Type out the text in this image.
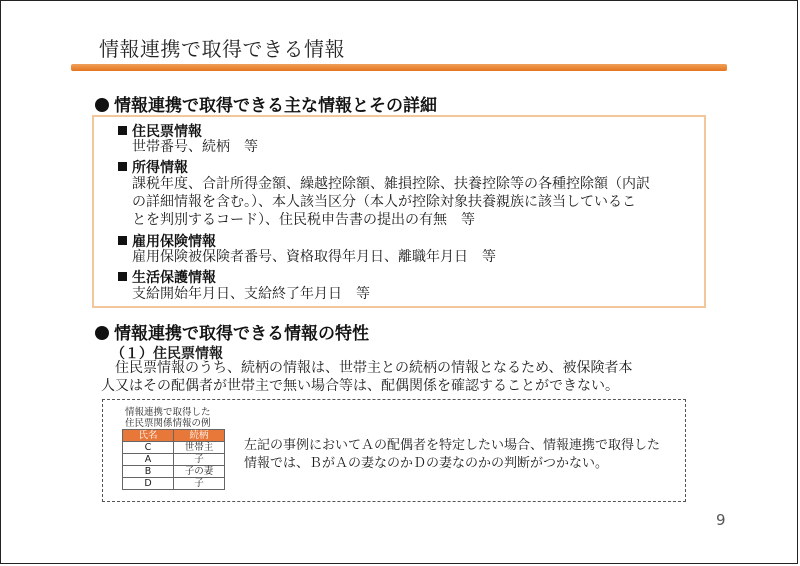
情報連携で取得できる情報
情報連携で取得できる主な情報とその詳細
住民票情報
世帯番号、続柄　等
所得情報
課税年度、合計所得金額、繰越控除額、雑損控除、扶養控除等の各種控除額（内訳
の詳細情報を含む。）、本人該当区分（本人が控除対象扶養親族に該当しているこ
とを判別するコード）、住民税申告書の提出の有無　等
雇用保険情報
雇用保険被保険者番号、資格取得年月日、離職年月日　等
生活保護情報
支給開始年月日、支給終了年月日　等
情報連携で取得できる情報の特性
（１）住民票情報
住民票情報のうち、続柄の情報は、世帯主との続柄の情報となるため、被保険者本
人又はその配偶者が世帯主で無い場合等は、配偶関係を確認することができない。
情報連携で取得した
住民票関係情報の例
氏名	続柄
C	世帯主
A	子
B	子の妻
D	子
左記の事例においてＡの配偶者を特定したい場合、情報連携で取得した
情報では、ＢがＡの妻なのかＤの妻なのかの判断がつかない。
9
